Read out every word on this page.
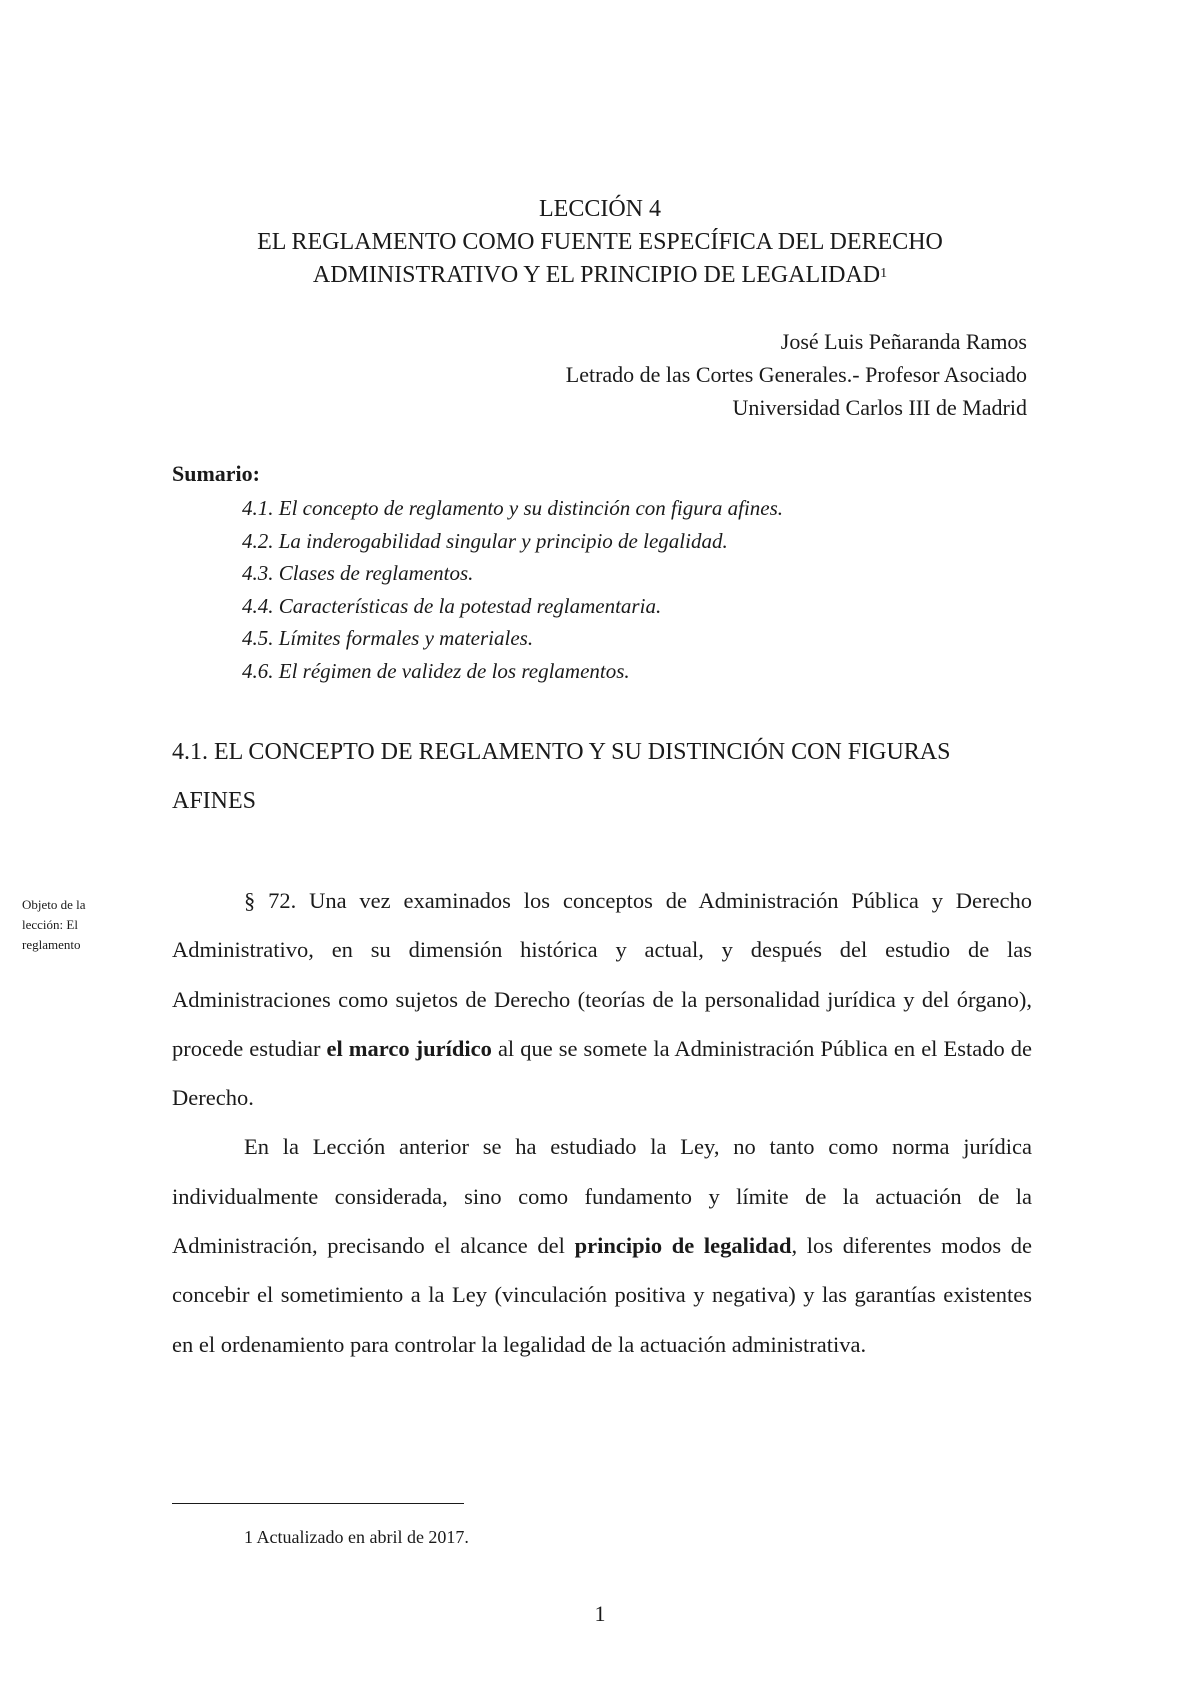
LECCIÓN 4
EL REGLAMENTO COMO FUENTE ESPECÍFICA DEL DERECHO
ADMINISTRATIVO Y EL PRINCIPIO DE LEGALIDAD$^1$
José Luis Peñaranda Ramos
Letrado de las Cortes Generales.- Profesor Asociado
Universidad Carlos III de Madrid
Sumario:
4.1. El concepto de reglamento y su distinción con figura afines.
4.2. La inderogabilidad singular y principio de legalidad.
4.3. Clases de reglamentos.
4.4. Características de la potestad reglamentaria.
4.5. Límites formales y materiales.
4.6. El régimen de validez de los reglamentos.
4.1. EL CONCEPTO DE REGLAMENTO Y SU DISTINCIÓN CON FIGURAS AFINES
Objeto de la lección: El reglamento

§ 72. Una vez examinados los conceptos de Administración Pública y Derecho Administrativo, en su dimensión histórica y actual, y después del estudio de las Administraciones como sujetos de Derecho (teorías de la personalidad jurídica y del órgano), procede estudiar el marco jurídico al que se somete la Administración Pública en el Estado de Derecho.

En la Lección anterior se ha estudiado la Ley, no tanto como norma jurídica individualmente considerada, sino como fundamento y límite de la actuación de la Administración, precisando el alcance del principio de legalidad, los diferentes modos de concebir el sometimiento a la Ley (vinculación positiva y negativa) y las garantías existentes en el ordenamiento para controlar la legalidad de la actuación administrativa.

1 Actualizado en abril de 2017.
1
